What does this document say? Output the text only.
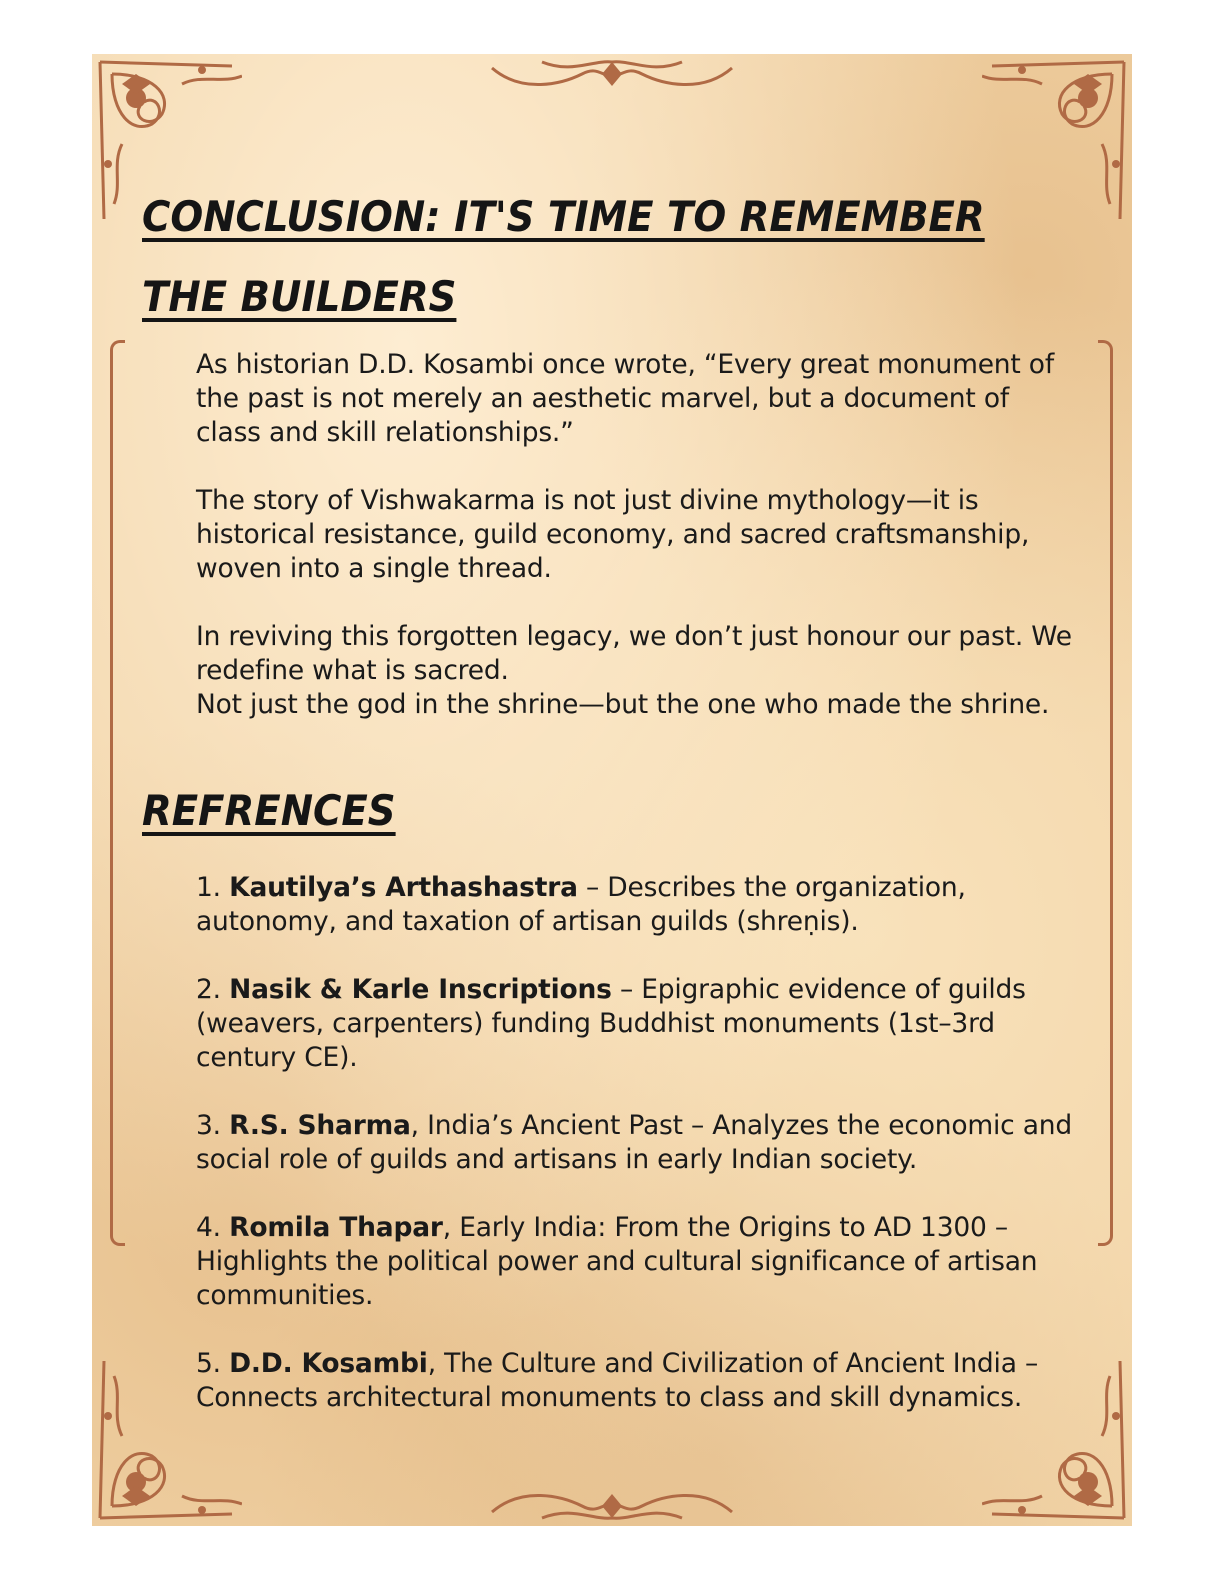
CONCLUSION: IT'S TIME TO REMEMBER
THE BUILDERS

As historian D.D. Kosambi once wrote, “Every great monument of the past is not merely an aesthetic marvel, but a document of class and skill relationships.”

The story of Vishwakarma is not just divine mythology—it is historical resistance, guild economy, and sacred craftsmanship, woven into a single thread.

In reviving this forgotten legacy, we don’t just honour our past. We redefine what is sacred.

Not just the god in the shrine—but the one who made the shrine.

REFRENCES

1. Kautilya’s Arthashastra – Describes the organization, autonomy, and taxation of artisan guilds (shreṇis).

2. Nasik & Karle Inscriptions – Epigraphic evidence of guilds (weavers, carpenters) funding Buddhist monuments (1st–3rd century CE).

3. R.S. Sharma, India’s Ancient Past – Analyzes the economic and social role of guilds and artisans in early Indian society.

4. Romila Thapar, Early India: From the Origins to AD 1300 – Highlights the political power and cultural significance of artisan communities.

5. D.D. Kosambi, The Culture and Civilization of Ancient India – Connects architectural monuments to class and skill dynamics.
